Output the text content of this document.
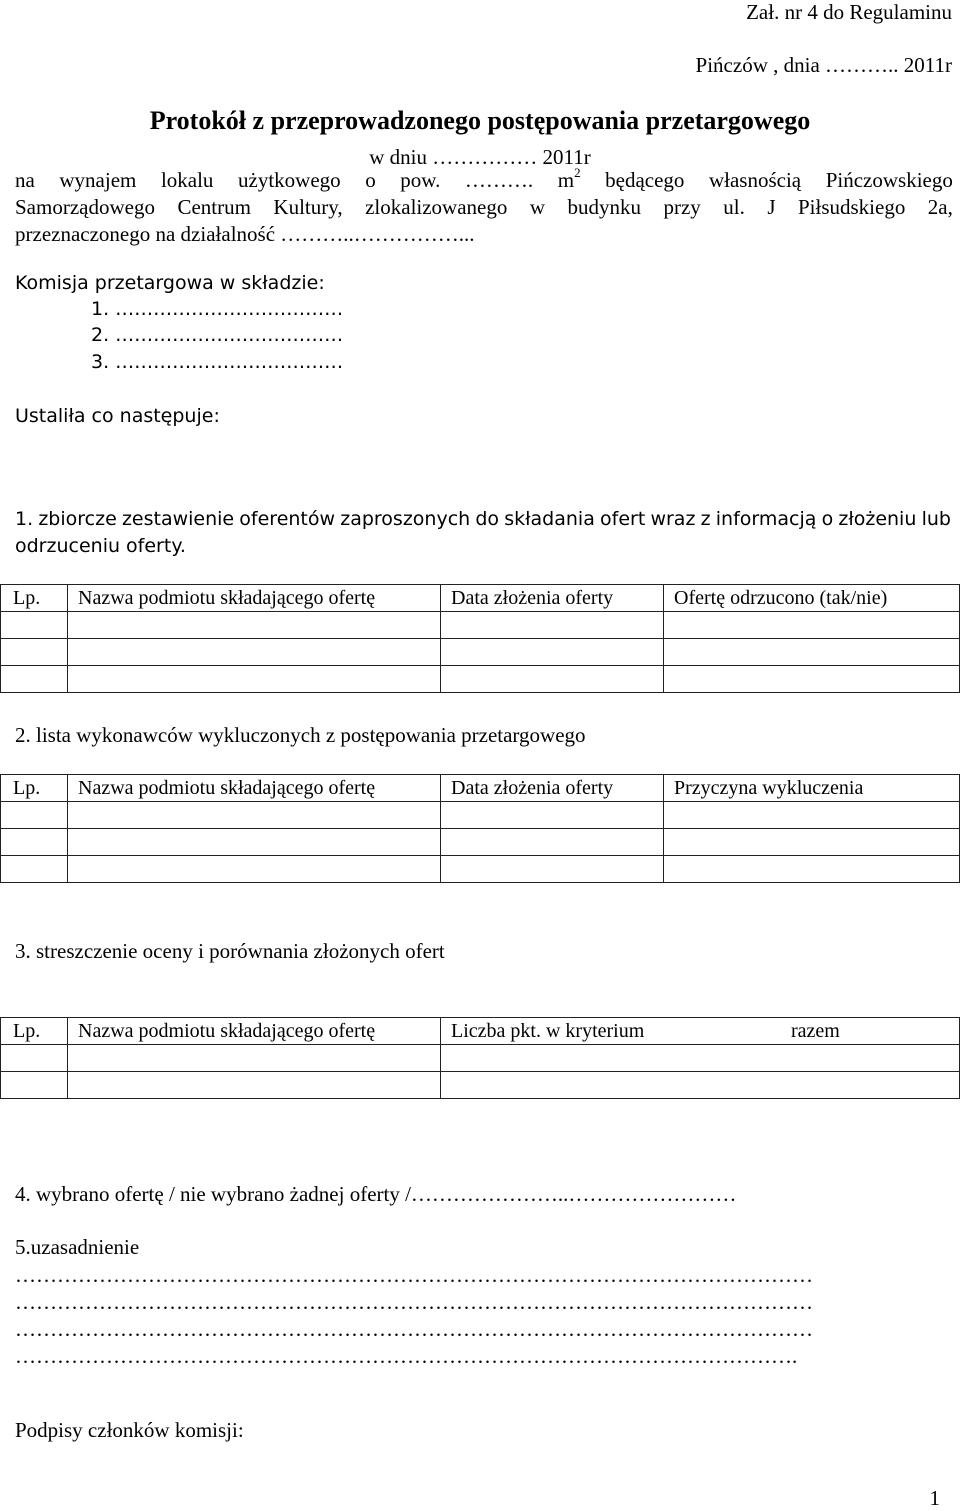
Zał. nr 4 do Regulaminu
Pińczów , dnia ……….. 2011r
Protokół z przeprowadzonego postępowania przetargowego
w dniu …………… 2011r
na wynajem lokalu użytkowego o pow. ………. $m^2$ będącego własnością Pińczowskiego
Samorządowego Centrum Kultury, zlokalizowanego w budynku przy ul. J Piłsudskiego 2a,
przeznaczonego na działalność ………..……………...
Komisja przetargowa w składzie:
1. ………………………………
2. ………………………………
3. ………………………………
Ustaliła co następuje:
1. zbiorcze zestawienie oferentów zaproszonych do składania ofert wraz z informacją o złożeniu lub
odrzuceniu oferty.
Lp.	Nazwa podmiotu składającego ofertę	Data złożenia oferty	Ofertę odrzucono (tak/nie)

2. lista wykonawców wykluczonych z postępowania przetargowego
Lp.	Nazwa podmiotu składającego ofertę	Data złożenia oferty	Przyczyna wykluczenia

3. streszczenie oceny i porównania złożonych ofert
Lp.	Nazwa podmiotu składającego ofertę	Liczba pkt. w kryterium	razem

4. wybrano ofertę / nie wybrano żadnej oferty /…………………..……………………
5.uzasadnienie
……………………………………………………………………………………………………
……………………………………………………………………………………………………
……………………………………………………………………………………………………
………………………………………………………………………………………………….
Podpisy członków komisji:
1
